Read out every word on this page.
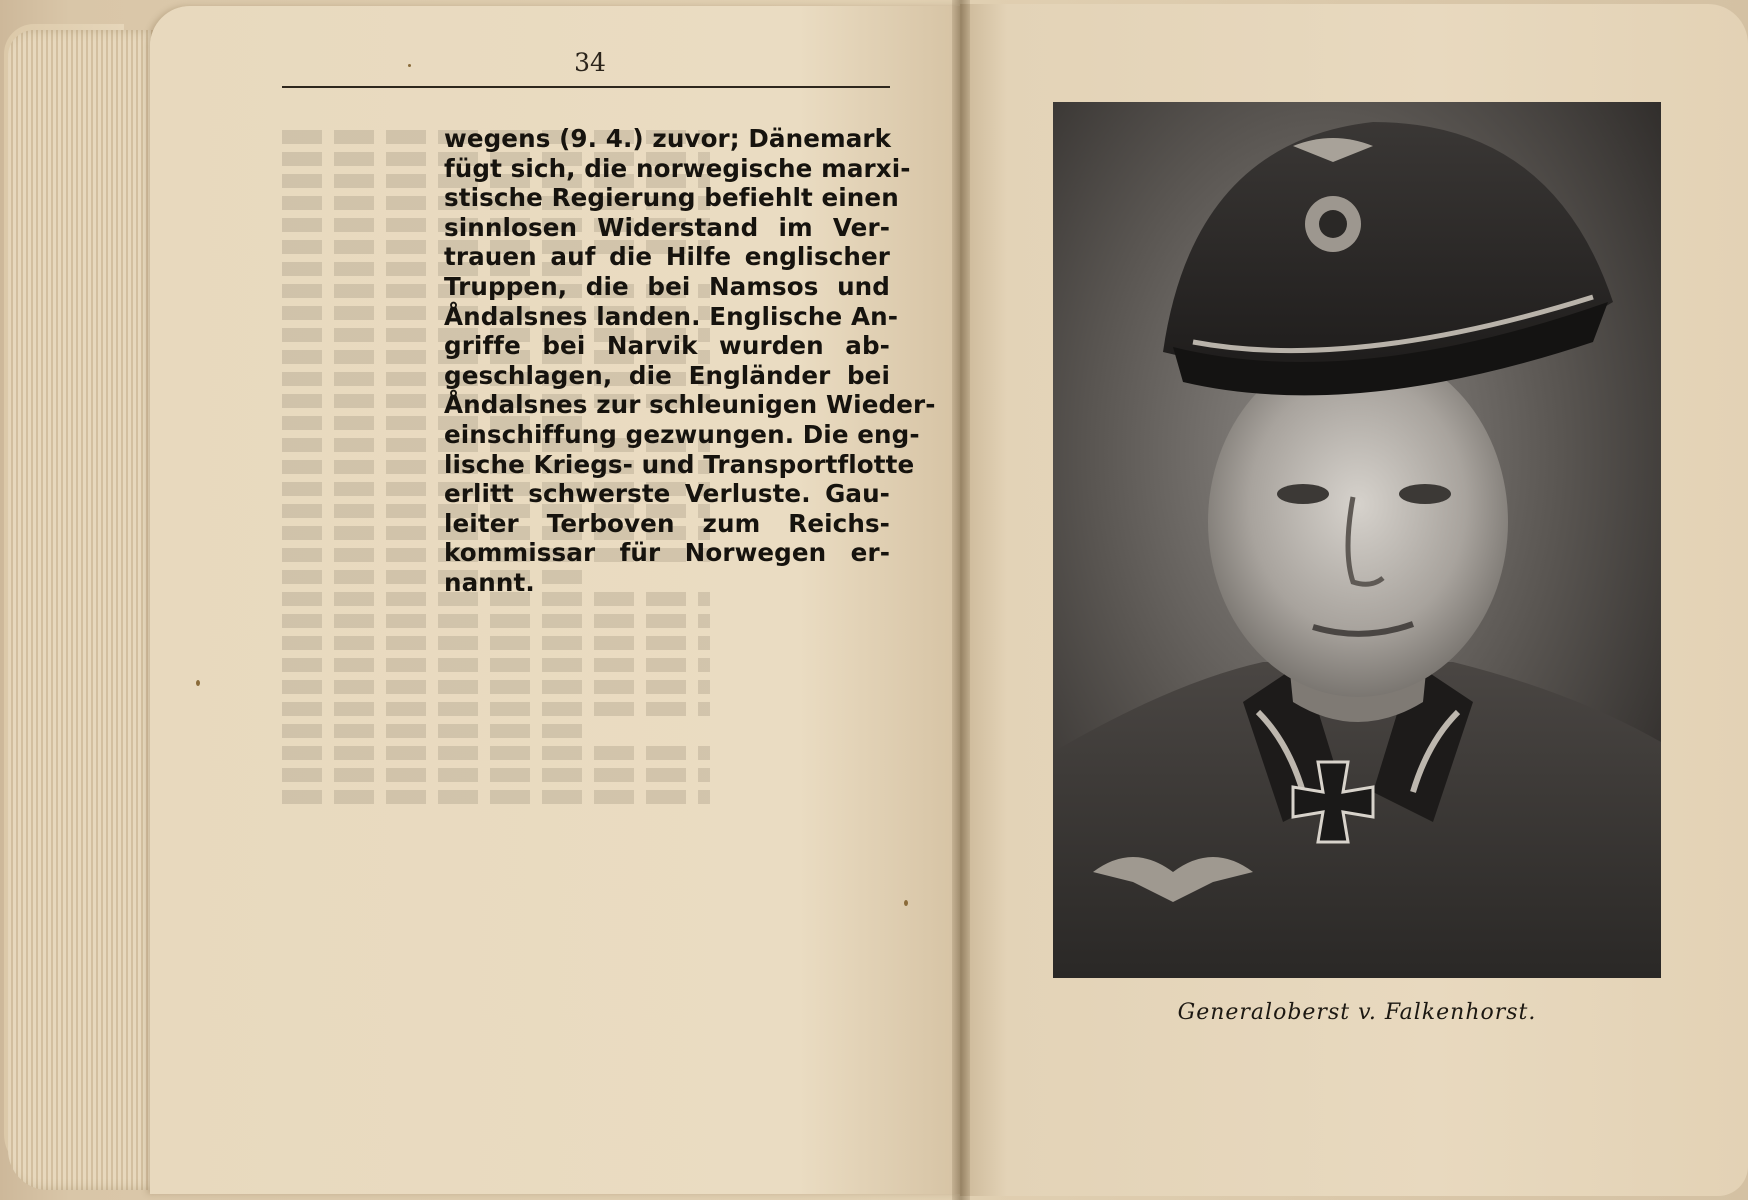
34
wegens (9. 4.) zuvor; Dänemark
fügt sich, die norwegische marxi-
stische Regierung befiehlt einen
sinnlosen Widerstand im Ver-
trauen auf die Hilfe englischer
Truppen, die bei Namsos und
Åndalsnes landen. Englische An-
griffe bei Narvik wurden ab-
geschlagen, die Engländer bei
Åndalsnes zur schleunigen Wieder-
einschiffung gezwungen. Die eng-
lische Kriegs- und Transportflotte
erlitt schwerste Verluste. Gau-
leiter Terboven zum Reichs-
kommissar für Norwegen er-
nannt.
Generaloberst v. Falkenhorst.
